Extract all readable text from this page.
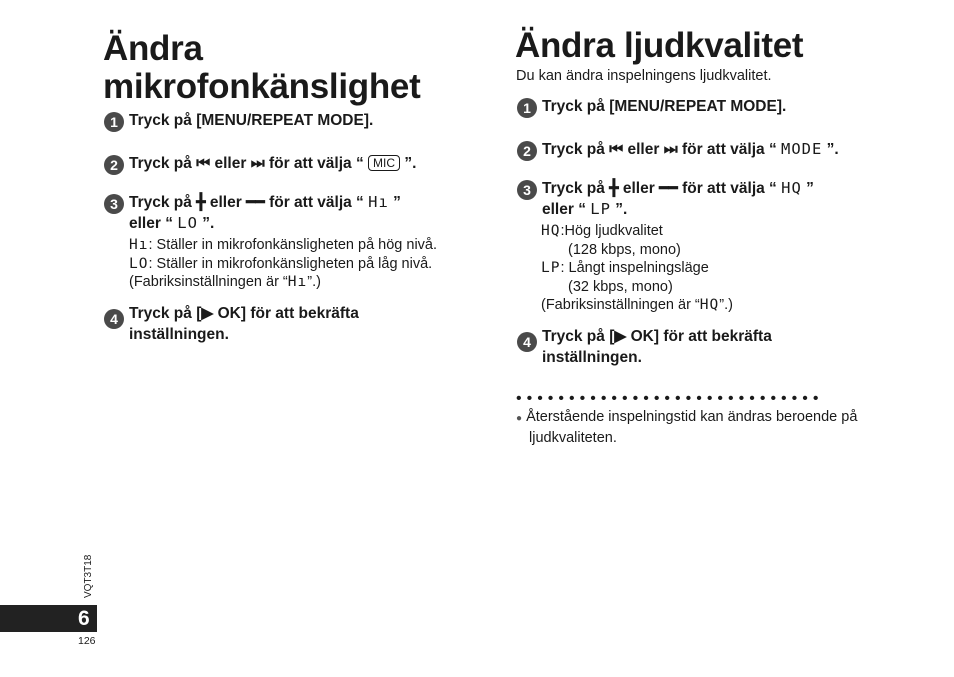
Ändra
mikrofonkänslighet
1 Tryck på [MENU/REPEAT MODE].
2 Tryck på ⏮ eller ⏭ för att välja “ MIC ”.
3 Tryck på ╋ eller ━━ för att välja “ Hı ”
eller “ LO ”.
Hı: Ställer in mikrofonkänsligheten på hög nivå.
LO: Ställer in mikrofonkänsligheten på låg nivå.
(Fabriksinställningen är “Hı”.)
4 Tryck på [▶ OK] för att bekräfta
inställningen.
Ändra ljudkvalitet
Du kan ändra inspelningens ljudkvalitet.
1 Tryck på [MENU/REPEAT MODE].
2 Tryck på ⏮ eller ⏭ för att välja “ MODE ”.
3 Tryck på ╋ eller ━━ för att välja “ HQ ”
eller “ LP ”.
HQ:Hög ljudkvalitet
(128 kbps, mono)
LP: Långt inspelningsläge
(32 kbps, mono)
(Fabriksinställningen är “HQ”.)
4 Tryck på [▶ OK] för att bekräfta
inställningen.
•••••••••••••••••••••••••••••
● Återstående inspelningstid kan ändras beroende på
ljudkvaliteten.
VQT3T18
6
126
